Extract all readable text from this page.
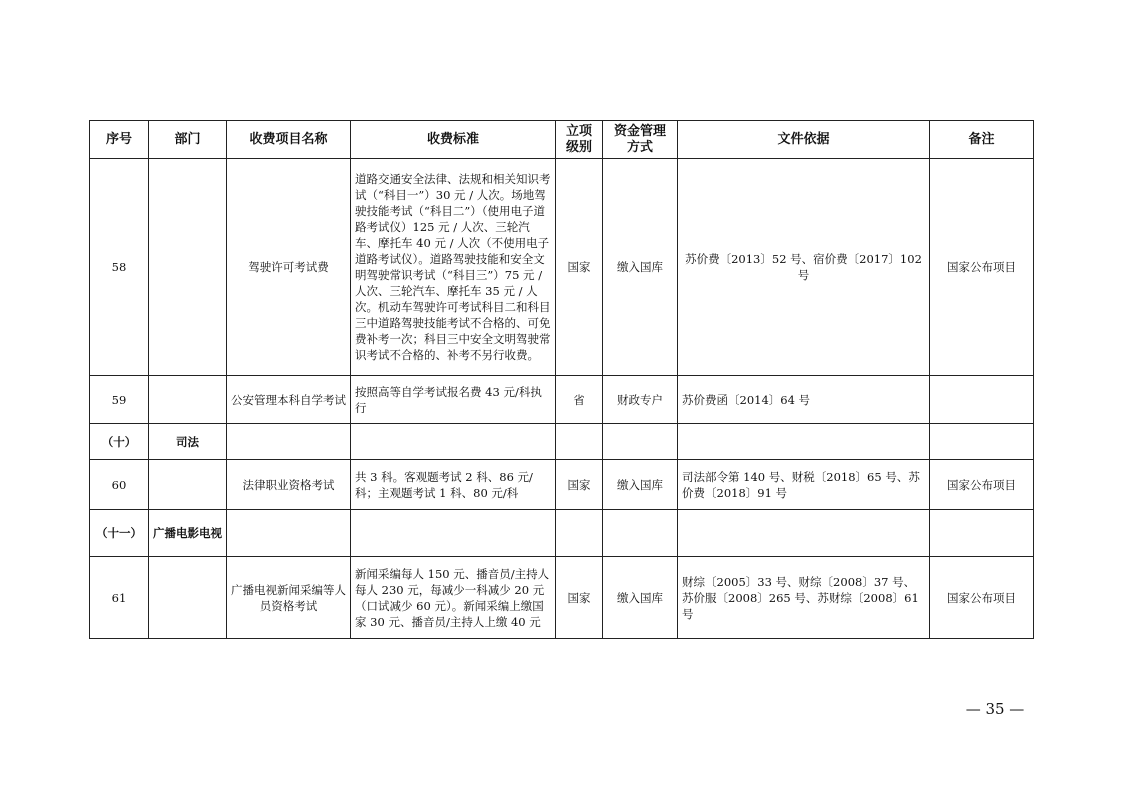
序号	部门	收费项目名称	收费标准	立项级别	资金管理方式	文件依据	备注
58		驾驶许可考试费	道路交通安全法律、法规和相关知识考试（“科目一”）30 元 / 人次。场地驾驶技能考试（“科目二”）（使用电子道路考试仪）125 元 / 人次、三轮汽车、摩托车 40 元 / 人次（不使用电子道路考试仪）。道路驾驶技能和安全文明驾驶常识考试（“科目三”）75 元 / 人次、三轮汽车、摩托车 35 元 / 人次。机动车驾驶许可考试科目二和科目三中道路驾驶技能考试不合格的、可免费补考一次；科目三中安全文明驾驶常识考试不合格的、补考不另行收费。	国家	缴入国库	苏价费〔2013〕52 号、宿价费〔2017〕102 号	国家公布项目
59		公安管理本科自学考试	按照高等自学考试报名费 43 元/科执行	省	财政专户	苏价费函〔2014〕64 号	
（十）	司法						
60		法律职业资格考试	共 3 科。客观题考试 2 科、86 元/科；主观题考试 1 科、80 元/科	国家	缴入国库	司法部令第 140 号、财税〔2018〕65 号、苏价费〔2018〕91 号	国家公布项目
（十一）	广播电影电视						
61		广播电视新闻采编等人员资格考试	新闻采编每人 150 元、播音员/主持人每人 230 元，每减少一科减少 20 元（口试减少 60 元）。新闻采编上缴国家 30 元、播音员/主持人上缴 40 元	国家	缴入国库	财综〔2005〕33 号、财综〔2008〕37 号、苏价服〔2008〕265 号、苏财综〔2008〕61 号	国家公布项目
— 35 —
